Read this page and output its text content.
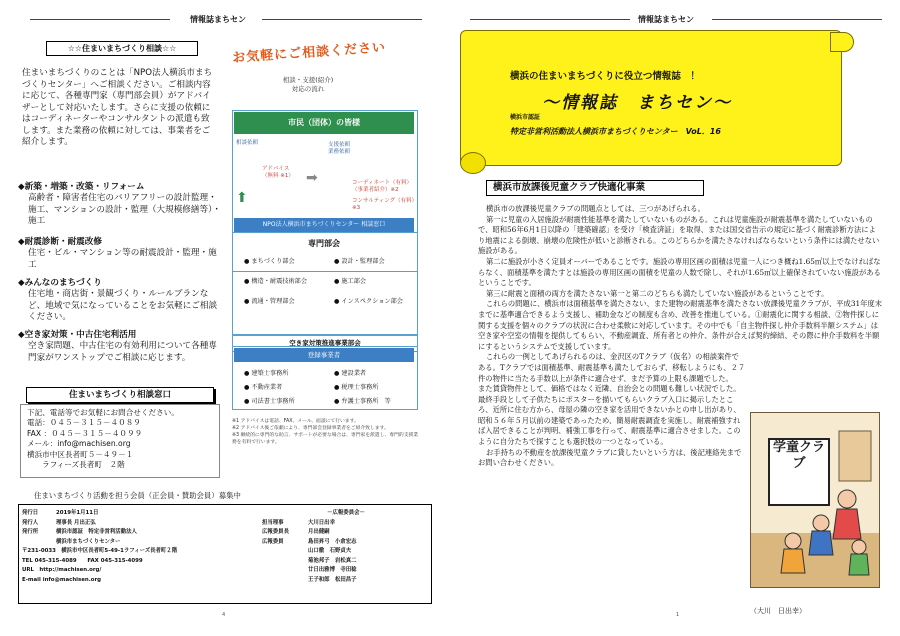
情報誌まちセン
☆☆住まいまちづくり相談☆☆
住まいまちづくりのことは「NPO法人横浜市まちづくりセンター」へご相談ください。ご相談内容に応じて、各種専門家（専門部会員）がアドバイザーとして対応いたします。さらに支援の依頼にはコーディネーターやコンサルタントの派遣も致します。また業務の依頼に対しては、事業者をご紹介します。
◆新築・増築・改築・リフォーム
高齢者・障害者住宅のバリアフリーの設計監理・施工、マンションの設計・監理（大規模修繕等）・施工
◆耐震診断・耐震改修
住宅・ビル・マンション等の耐震設計・監理・施工
◆みんなのまちづくり
住宅地・商店街・景観づくり・ルールブランなど、地域で気になっていることをお気軽にご相談ください。
◆空き家対策・中古住宅利活用
空き家問題、中古住宅の有効利用について各種専門家がワンストップでご相談に応じます。
住まいまちづくり相談窓口
下記、電話等でお気軽にお問合せください。
電話：０４５－３１５－４０８９
FAX ：０４５－３１５－４０９９
メール：info@machisen.org
横浜市中区長者町５－４９－１
　　ラフィーズ長者町　２階
お気軽にご相談ください
相談・支援(紹介)
対応の流れ
市民（団体）の皆様
相談依頼
アドバイス
（無料 ※1） ➡
支援依頼
業務依頼
コーディネート（有料） （事業者紹介）※2
コンサルティング（有料）※3
⬆
NPO法人横浜市まちづくりセンター 相談窓口
専門部会
● まちづくり部会	● 設計・監理部会
● 構造・耐震技術部会	● 施工部会
● 流通・管理部会	● インスペクション部会
空き家対策推進事業部会
登録事業者
● 建築士事務所	● 建設業者
● 不動産業者	● 税理士事務所
● 司法書士事務所	● 弁護士事務所　等
※1 アドバイスは電話、FAX、メール、面談にて行います。
※2 アドバイス後ご依頼により、専門部会登録事業者をご紹介致します。
※3 継続的に専門的な助言、サポートが必要な場合は、専門家を派遣し、専門的支援業務を有料で行います。
住まいまちづくり活動を担う会員（正会員・賛助会員）募集中
発行日	2019年1月11日
発行人	理事長 月出正弘
発行所	横浜市認証　特定非営利活動法人
横浜市まちづくりセンター
〒231-0033　横浜市中区長者町5-49-1ラフィーズ長者町２階
TEL 045-315-4089　　FAX 045-315-4099
URL　http://machisen.org/
E-mail info@machisen.org
－広報委員会－
担当理事	大川日出幸
広報委員長	月出健嗣
広報委員	島田昇弓　小倉宏志
山口徹　石野貞夫
菊池邦子　岩松真二
廿日出雅博　寺田稔
王子和郎　松田昌子
4
情報誌まちセン
横浜の住まいまちづくりに役立つ情報誌　！
～情報誌　まちセン～
横浜市認証
特定非営利活動法人横浜市まちづくりセンター　VoL．16
横浜市放課後児童クラブ快適化事業

横浜市の放課後児童クラブの問題点としては、三つがあげられる。

第一に児童の入居施設が耐震性能基準を満たしていないものがある。これは児童施設が耐震基準を満たしていないもので、昭和56年6月1日以降の「建築確認」を受け「検査済証」を取得、または国交省告示の規定に基づく耐震診断方法により地震による倒壊、崩壊の危険性が低いと診断される。このどちらかを満たさなければならないという条件には満たせない施設がある。

第二に施設が小さく定員オーバーであることです。施設の専用区画の面積は児童一人につき概ね1.65㎡以上でなければならなく、面積基準を満たすとは施設の専用区画の面積を児童の人数で除し、それが1.65㎡以上確保されていない施設があるということです。

第三に耐震と面積の両方を満たさない第一と第二のどちらも満たしていない施設があるということです。

これらの問題に、横浜市は面積基準を満たさない、また建物の耐震基準を満たさない放課後児童クラブが、平成31年度末までに基準適合できるよう支援し、補助金などの制度も含め、改善を推進している。①耐震化に関する相談、②物件探しに関する支援を個々のクラブの状況に合わせ柔軟に対応しています。その中でも「自主物件探し仲介手数料半額システム」は空き家や空室の情報を提供してもらい、不動産調査、所有者との仲介、条件が合えば契約締結、その際に仲介手数料を半額にするというシステムで支援しています。

これらの一例としてあげられるのは、金沢区のTクラブ（仮名）の相談案件である。Tクラブでは面積基準、耐震基準も満たしておらず、移転しようにも、２７件の物件に当たる手数以上が条件に適合せず、まだ予算の上限も課題でした。

また賃貸物件として、価格ではなく近隣、自治会との問題も難しい状況でした。最終手段として子供たちにポスターを描いてもらいクラブ入口に掲示したところ、近所に住む方から、母屋の隣の空き家を活用できないかとの申し出があり、昭和５６年５月以前の建築であったため、簡易耐震調査を実施し、耐震補強すれば入居できることが判明、補強工事を行って、耐震基準に適合させました。このように自分たちで探すことも選択肢の一つとなっている。

お手持ちの不動産を放課後児童クラブに貸したいという方は、後記連絡先までお問い合わせください。

学童クラブ
（大川　日出幸）
1
